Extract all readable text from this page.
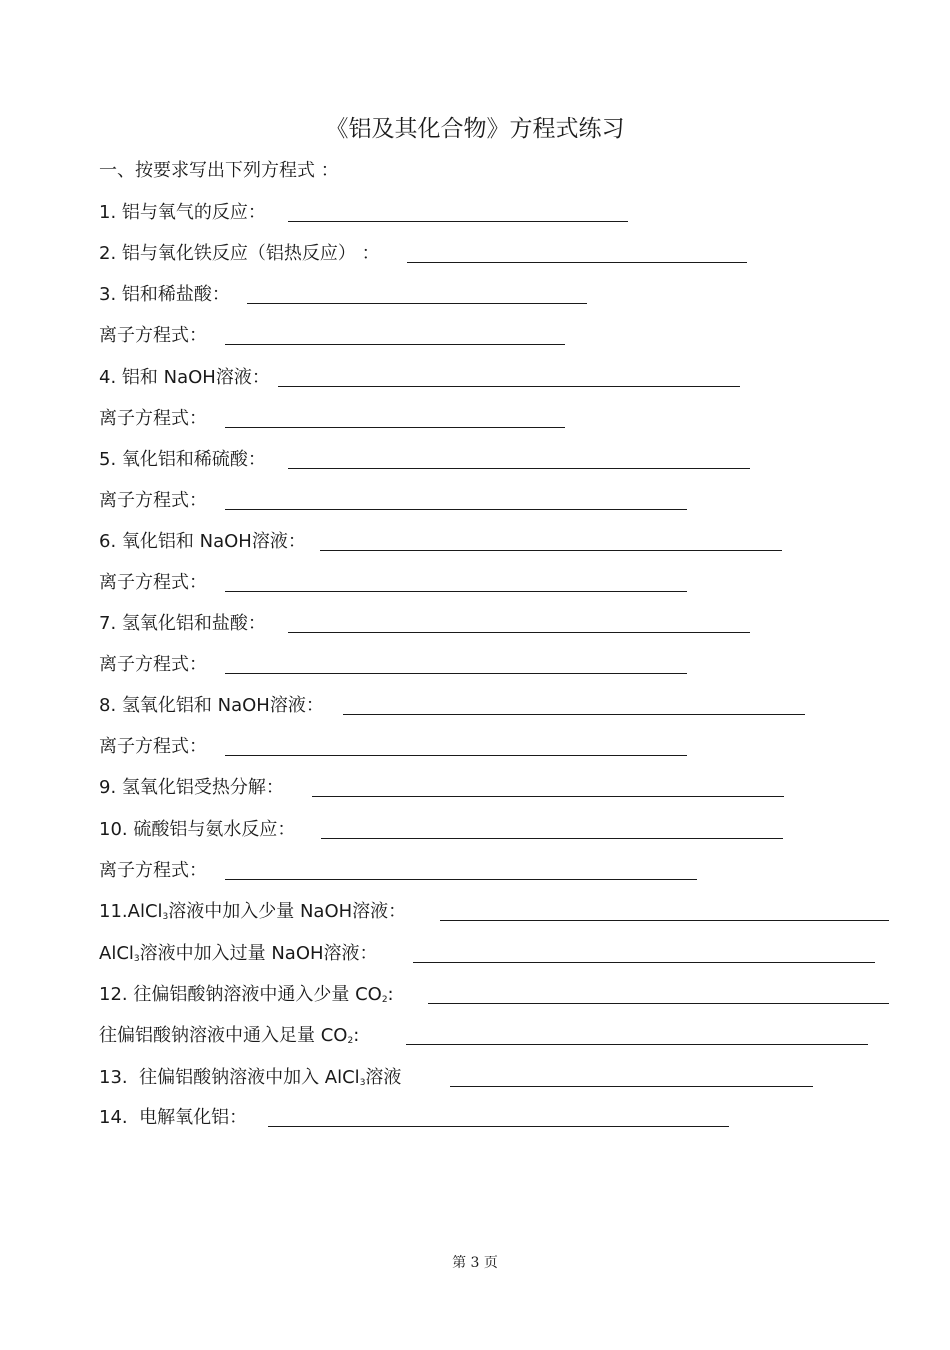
《铝及其化合物》方程式练习
一、按要求写出下列方程式 ：
1. 铝与氧气的反应：
2. 铝与氧化铁反应（铝热反应） ：
3. 铝和稀盐酸：
离子方程式：
4. 铝和 NaOH溶液：
离子方程式：
5. 氧化铝和稀硫酸：
离子方程式：
6. 氧化铝和 NaOH溶液：
离子方程式：
7. 氢氧化铝和盐酸：
离子方程式：
8. 氢氧化铝和 NaOH溶液：
离子方程式：
9. 氢氧化铝受热分解：
10. 硫酸铝与氨水反应：
离子方程式：
11.AlCl$_3$溶液中加入少量 NaOH溶液：
AlCl$_3$溶液中加入过量 NaOH溶液：
12. 往偏铝酸钠溶液中通入少量 $CO_2$:
往偏铝酸钠溶液中通入足量 $CO_2$:
13.  往偏铝酸钠溶液中加入 AlCl$_3$溶液
14.  电解氧化铝：
第 3 页
